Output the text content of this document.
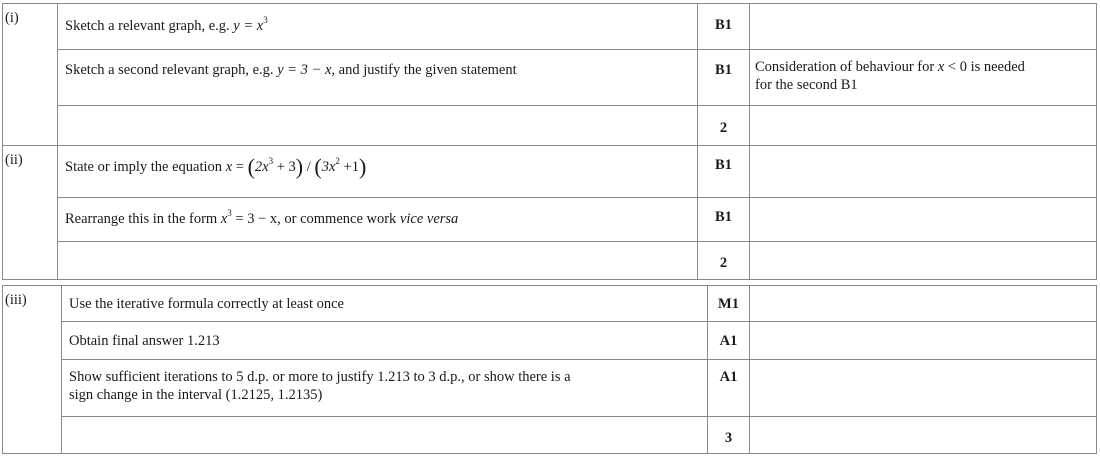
(i)	Sketch a relevant graph, e.g. $y = x^3$	B1	
	Sketch a second relevant graph, e.g. y = 3 − x, and justify the given statement	B1	Consideration of behaviour for x < 0 is needed
for the second B1
		2	
(ii)	State or imply the equation $x = (2x^3 + 3) / (3x^2 +1)$	B1	
	Rearrange this in the form $x^3 = 3 - x$, or commence work vice versa	B1	
		2	
(iii)	Use the iterative formula correctly at least once	M1	
	Obtain final answer 1.213	A1	
	Show sufficient iterations to 5 d.p. or more to justify 1.213 to 3 d.p., or show there is a
sign change in the interval (1.2125, 1.2135)	A1	
		3	
